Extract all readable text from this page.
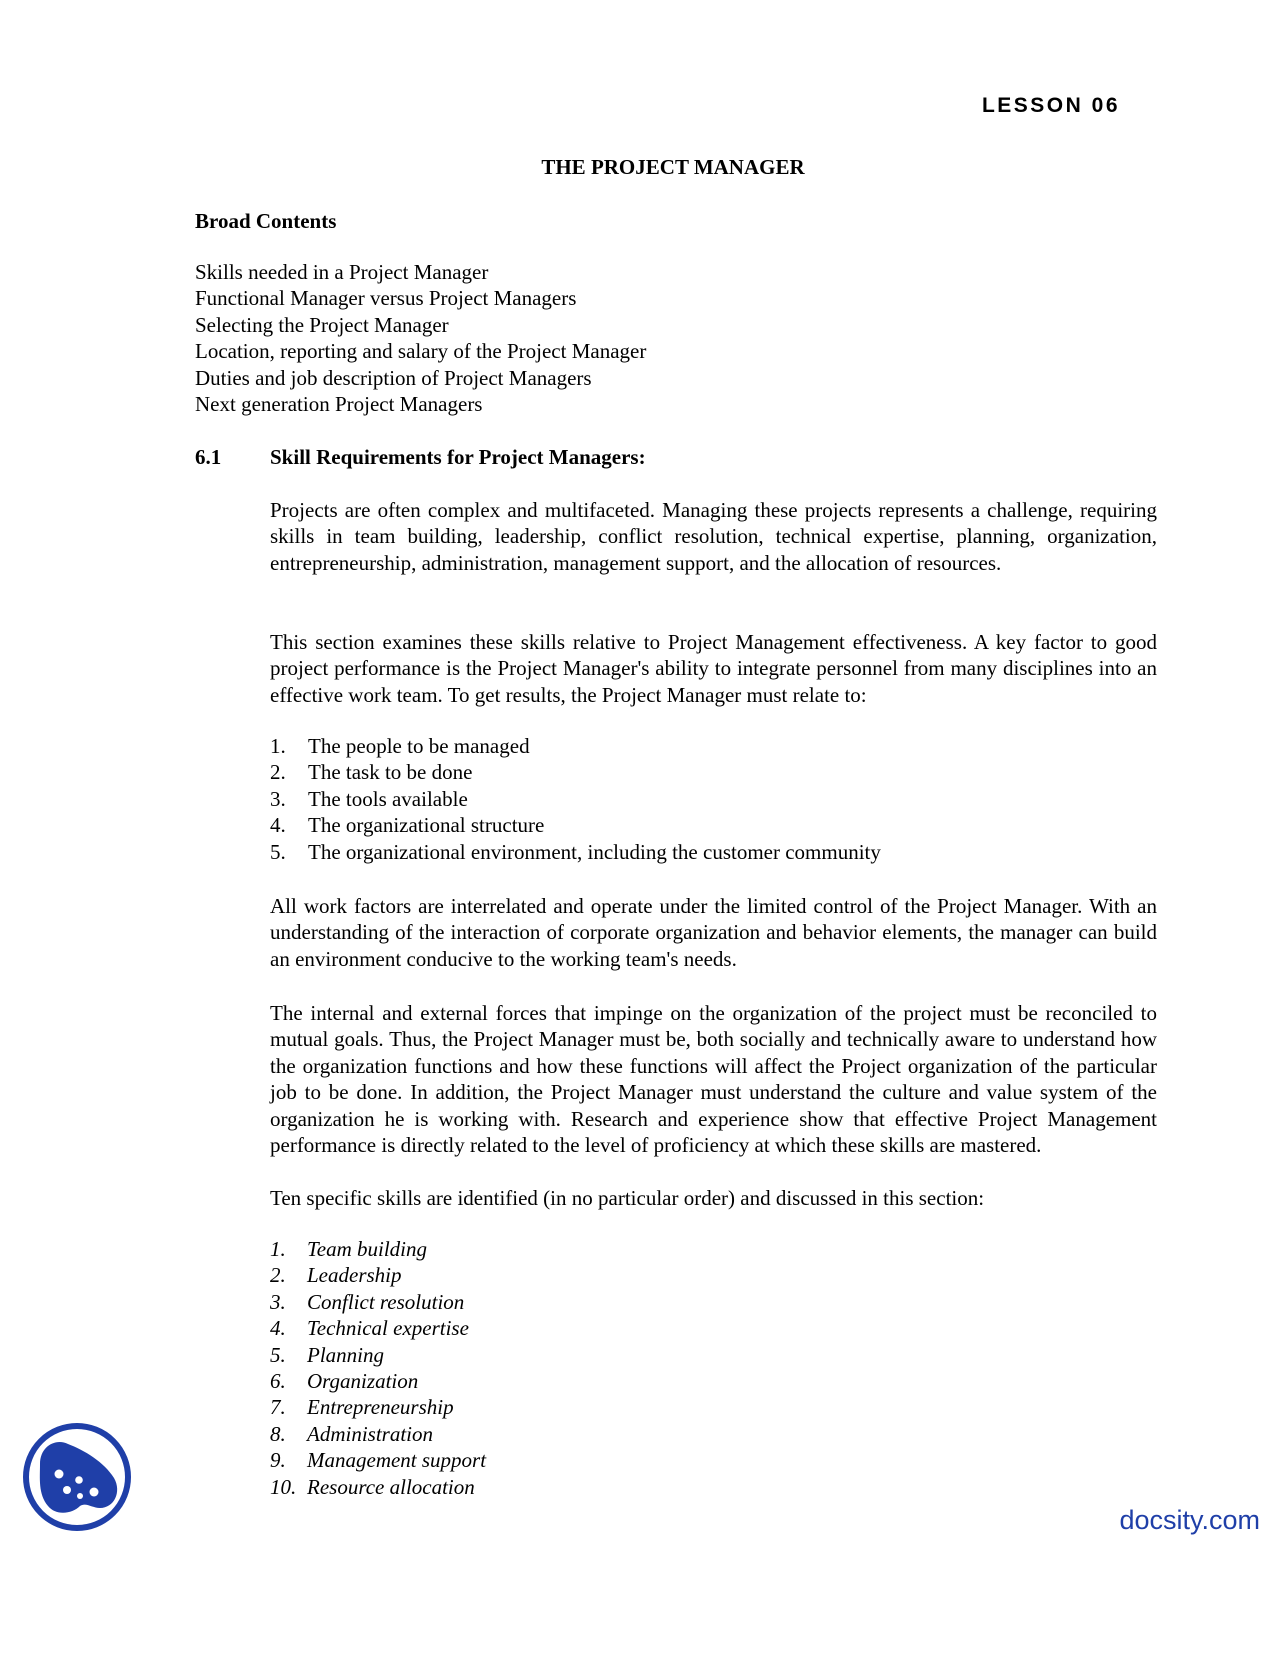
LESSON 06
THE PROJECT MANAGER
Broad Contents
Skills needed in a Project Manager
Functional Manager versus Project Managers
Selecting the Project Manager
Location, reporting and salary of the Project Manager
Duties and job description of Project Managers
Next generation Project Managers
6.1 Skill Requirements for Project Managers:
Projects are often complex and multifaceted. Managing these projects represents a challenge, requiring skills in team building, leadership, conflict resolution, technical expertise, planning, organization, entrepreneurship, administration, management support, and the allocation of resources.
This section examines these skills relative to Project Management effectiveness. A key factor to good project performance is the Project Manager's ability to integrate personnel from many disciplines into an effective work team. To get results, the Project Manager must relate to:
1. The people to be managed
2. The task to be done
3. The tools available
4. The organizational structure
5. The organizational environment, including the customer community
All work factors are interrelated and operate under the limited control of the Project Manager. With an understanding of the interaction of corporate organization and behavior elements, the manager can build an environment conducive to the working team's needs.
The internal and external forces that impinge on the organization of the project must be reconciled to mutual goals. Thus, the Project Manager must be, both socially and technically aware to understand how the organization functions and how these functions will affect the Project organization of the particular job to be done. In addition, the Project Manager must understand the culture and value system of the organization he is working with. Research and experience show that effective Project Management performance is directly related to the level of proficiency at which these skills are mastered.
Ten specific skills are identified (in no particular order) and discussed in this section:
1. Team building
2. Leadership
3. Conflict resolution
4. Technical expertise
5. Planning
6. Organization
7. Entrepreneurship
8. Administration
9. Management support
10. Resource allocation
docsity.com
